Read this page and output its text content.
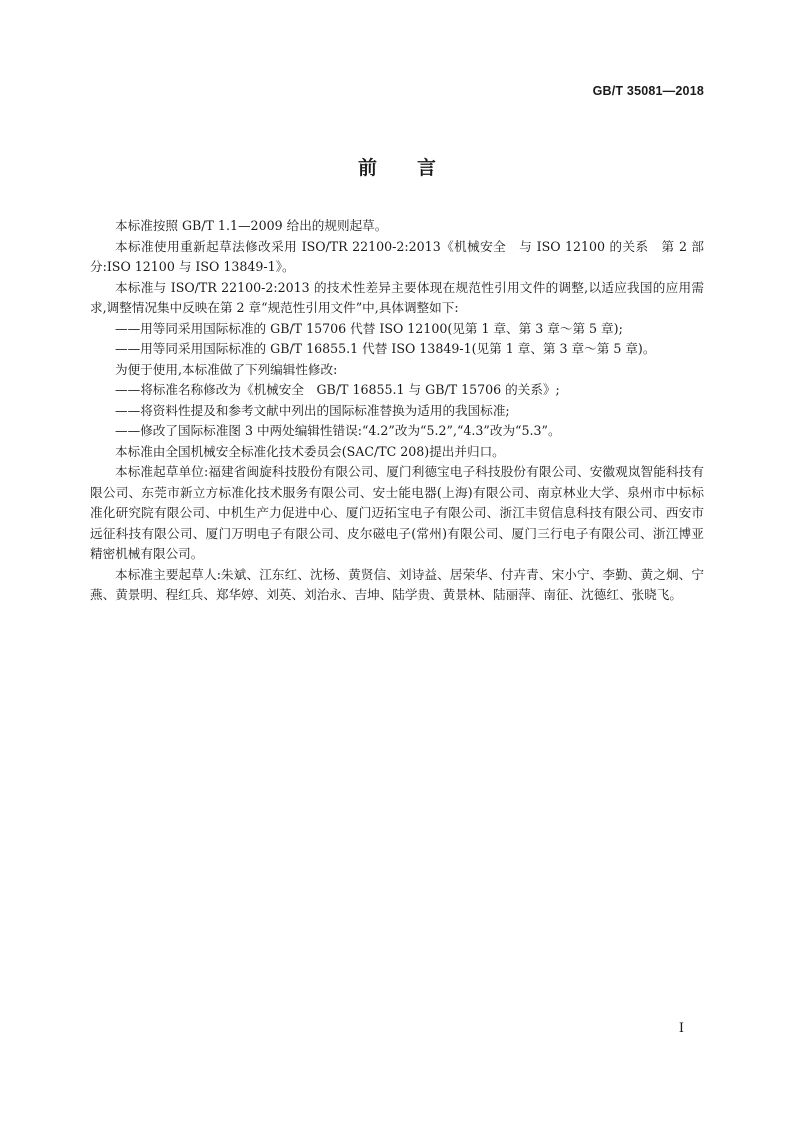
GB/T 35081—2018
前言

本标准按照 GB/T 1.1—2009 给出的规则起草。

本标准使用重新起草法修改采用 ISO/TR 22100-2:2013《机械安全　与 ISO 12100 的关系　第 2 部分:ISO 12100 与 ISO 13849-1》。

本标准与 ISO/TR 22100-2:2013 的技术性差异主要体现在规范性引用文件的调整,以适应我国的应用需求,调整情况集中反映在第 2 章“规范性引用文件”中,具体调整如下:

——用等同采用国际标准的 GB/T 15706 代替 ISO 12100(见第 1 章、第 3 章～第 5 章);

——用等同采用国际标准的 GB/T 16855.1 代替 ISO 13849-1(见第 1 章、第 3 章～第 5 章)。

为便于使用,本标准做了下列编辑性修改:

——将标准名称修改为《机械安全　GB/T 16855.1 与 GB/T 15706 的关系》;

——将资料性提及和参考文献中列出的国际标准替换为适用的我国标准;

——修改了国际标准图 3 中两处编辑性错误:“4.2”改为“5.2”,“4.3”改为“5.3”。

本标准由全国机械安全标准化技术委员会(SAC/TC 208)提出并归口。

本标准起草单位:福建省闽旋科技股份有限公司、厦门利德宝电子科技股份有限公司、安徽观岚智能科技有限公司、东莞市新立方标准化技术服务有限公司、安士能电器(上海)有限公司、南京林业大学、泉州市中标标准化研究院有限公司、中机生产力促进中心、厦门迈拓宝电子有限公司、浙江丰贸信息科技有限公司、西安市远征科技有限公司、厦门万明电子有限公司、皮尔磁电子(常州)有限公司、厦门三行电子有限公司、浙江博亚精密机械有限公司。

本标准主要起草人:朱斌、江东红、沈杨、黄贤信、刘诗益、居荣华、付卉青、宋小宁、李勤、黄之炯、宁燕、黄景明、程红兵、郑华婷、刘英、刘治永、吉坤、陆学贵、黄景林、陆丽萍、南征、沈德红、张晓飞。

I
